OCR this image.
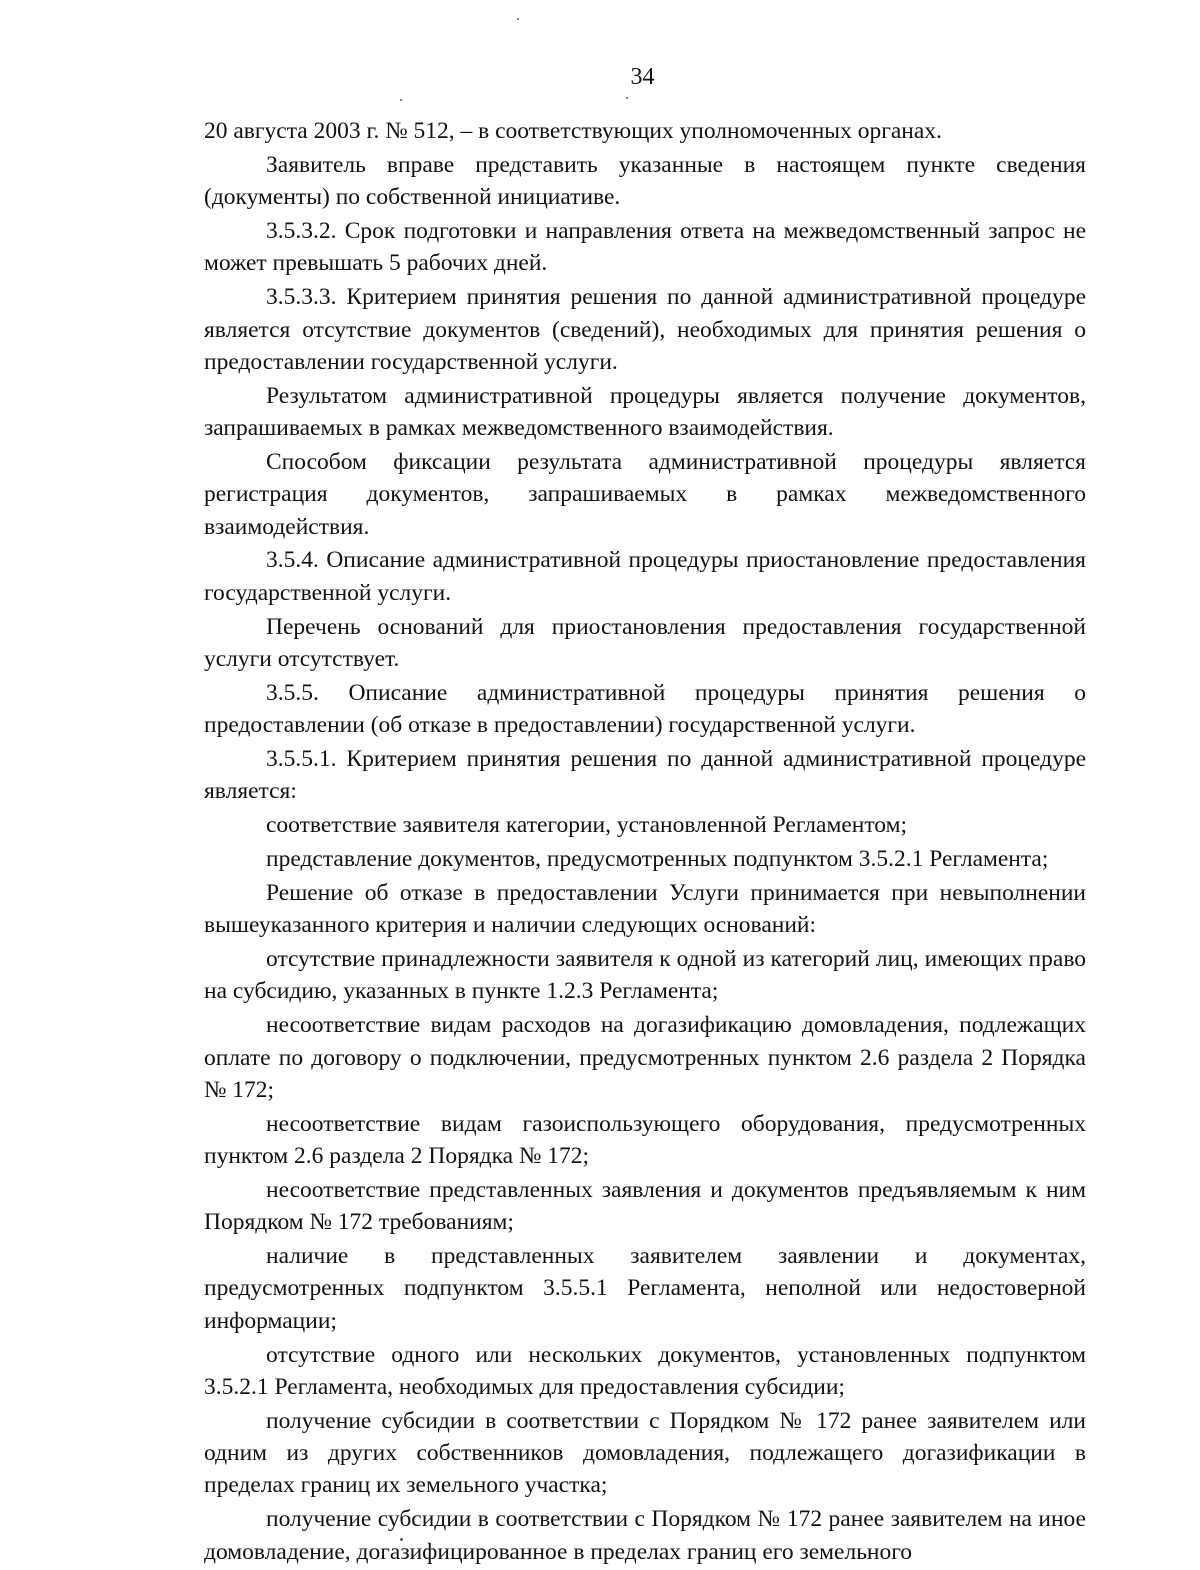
34

20 августа 2003 г. № 512, – в соответствующих уполномоченных органах.

Заявитель вправе представить указанные в настоящем пункте сведения (документы) по собственной инициативе.

3.5.3.2. Срок подготовки и направления ответа на межведомственный запрос не может превышать 5 рабочих дней.

3.5.3.3. Критерием принятия решения по данной административной процедуре является отсутствие документов (сведений), необходимых для принятия решения о предоставлении государственной услуги.

Результатом административной процедуры является получение документов, запрашиваемых в рамках межведомственного взаимодействия.

Способом фиксации результата административной процедуры является регистрация документов, запрашиваемых в рамках межведомственного взаимодействия.

3.5.4. Описание административной процедуры приостановление предоставления государственной услуги.

Перечень оснований для приостановления предоставления государственной услуги отсутствует.

3.5.5. Описание административной процедуры принятия решения о предоставлении (об отказе в предоставлении) государственной услуги.

3.5.5.1. Критерием принятия решения по данной административной процедуре является:

соответствие заявителя категории, установленной Регламентом;

представление документов, предусмотренных подпунктом 3.5.2.1 Регламента;

Решение об отказе в предоставлении Услуги принимается при невыполнении вышеуказанного критерия и наличии следующих оснований:

отсутствие принадлежности заявителя к одной из категорий лиц, имеющих право на субсидию, указанных в пункте 1.2.3 Регламента;

несоответствие видам расходов на догазификацию домовладения, подлежащих оплате по договору о подключении, предусмотренных пунктом 2.6 раздела 2 Порядка № 172;

несоответствие видам газоиспользующего оборудования, предусмотренных пунктом 2.6 раздела 2 Порядка № 172;

несоответствие представленных заявления и документов предъявляемым к ним Порядком № 172 требованиям;

наличие в представленных заявителем заявлении и документах, предусмотренных подпунктом 3.5.5.1 Регламента, неполной или недостоверной информации;

отсутствие одного или нескольких документов, установленных подпунктом 3.5.2.1 Регламента, необходимых для предоставления субсидии;

получение субсидии в соответствии с Порядком № 172 ранее заявителем или одним из других собственников домовладения, подлежащего догазификации в пределах границ их земельного участка;

получение субсидии в соответствии с Порядком № 172 ранее заявителем на иное домовладение, догазифицированное в пределах границ его земельного
